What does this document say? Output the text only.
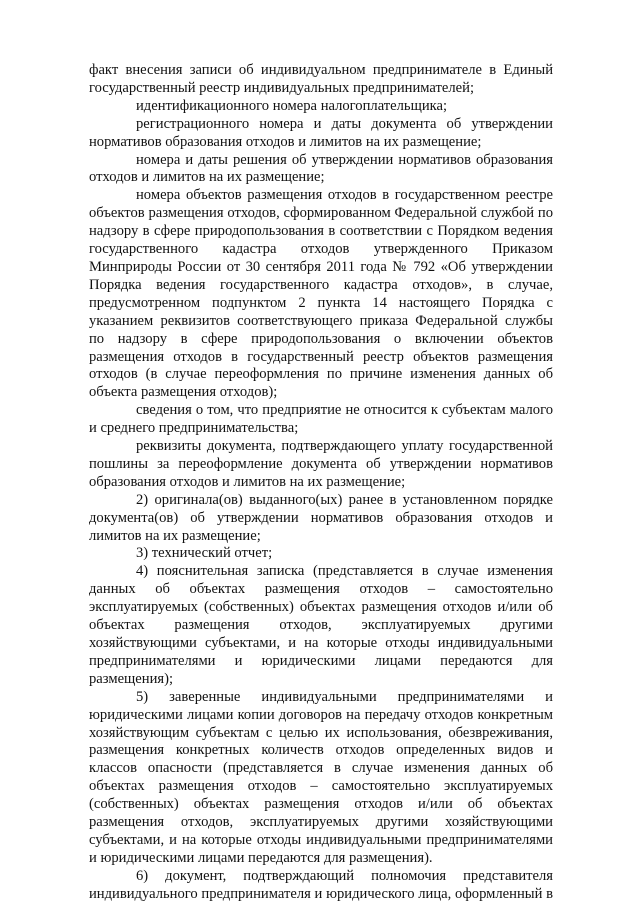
факт внесения записи об индивидуальном предпринимателе в Единый государственный реестр индивидуальных предпринимателей;

идентификационного номера налогоплательщика;

регистрационного номера и даты документа об утверждении нормативов образования отходов и лимитов на их размещение;

номера и даты решения об утверждении нормативов образования отходов и лимитов на их размещение;

номера объектов размещения отходов в государственном реестре объектов размещения отходов, сформированном Федеральной службой по надзору в сфере природопользования в соответствии с Порядком ведения государственного кадастра отходов утвержденного Приказом Минприроды России от 30 сентября 2011 года № 792 «Об утверждении Порядка ведения государственного кадастра отходов», в случае, предусмотренном подпунктом 2 пункта 14 настоящего Порядка с указанием реквизитов соответствующего приказа Федеральной службы по надзору в сфере природопользования о включении объектов размещения отходов в государственный реестр объектов размещения отходов (в случае переоформления по причине изменения данных об объекта размещения отходов);

сведения о том, что предприятие не относится к субъектам малого и среднего предпринимательства;

реквизиты документа, подтверждающего уплату государственной пошлины за переоформление документа об утверждении нормативов образования отходов и лимитов на их размещение;

2) оригинала(ов) выданного(ых) ранее в установленном порядке документа(ов) об утверждении нормативов образования отходов и лимитов на их размещение;

3) технический отчет;

4) пояснительная записка (представляется в случае изменения данных об объектах размещения отходов – самостоятельно эксплуатируемых (собственных) объектах размещения отходов и/или об объектах размещения отходов, эксплуатируемых другими хозяйствующими субъектами, и на которые отходы индивидуальными предпринимателями и юридическими лицами передаются для размещения);

5) заверенные индивидуальными предпринимателями и юридическими лицами копии договоров на передачу отходов конкретным хозяйствующим субъектам с целью их использования, обезвреживания, размещения конкретных количеств отходов определенных видов и классов опасности (представляется в случае изменения данных об объектах размещения отходов – самостоятельно эксплуатируемых (собственных) объектах размещения отходов и/или об объектах размещения отходов, эксплуатируемых другими хозяйствующими субъектами, и на которые отходы индивидуальными предпринимателями и юридическими лицами передаются для размещения).

6) документ, подтверждающий полномочия представителя индивидуального предпринимателя и юридического лица, оформленный в
